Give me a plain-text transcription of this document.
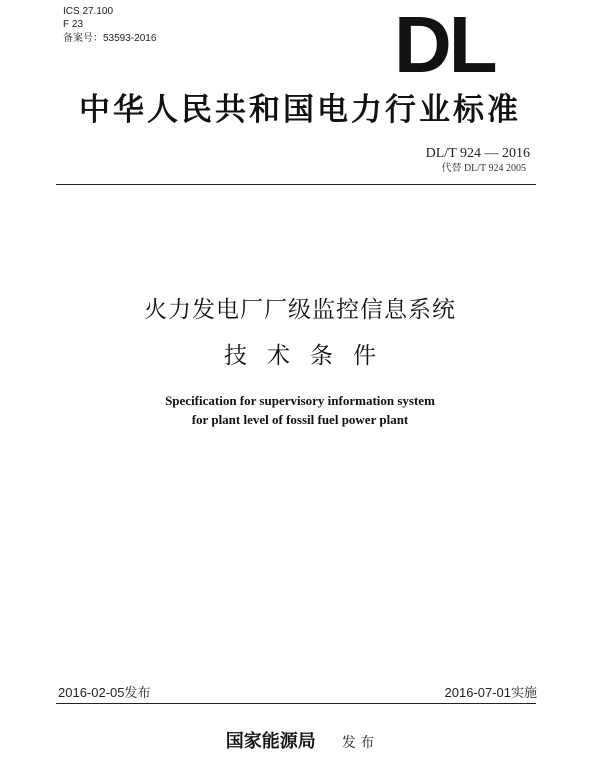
ICS 27.100
F 23
备案号：53593-2016	DL
中华人民共和国电力行业标准
DL/T 924 — 2016
代替 DL/T 924 2005
火力发电厂厂级监控信息系统
技术条件
Specification for supervisory information system
for plant level of fossil fuel power plant
2016-02-05发布	2016-07-01实施
国家能源局 发 布
